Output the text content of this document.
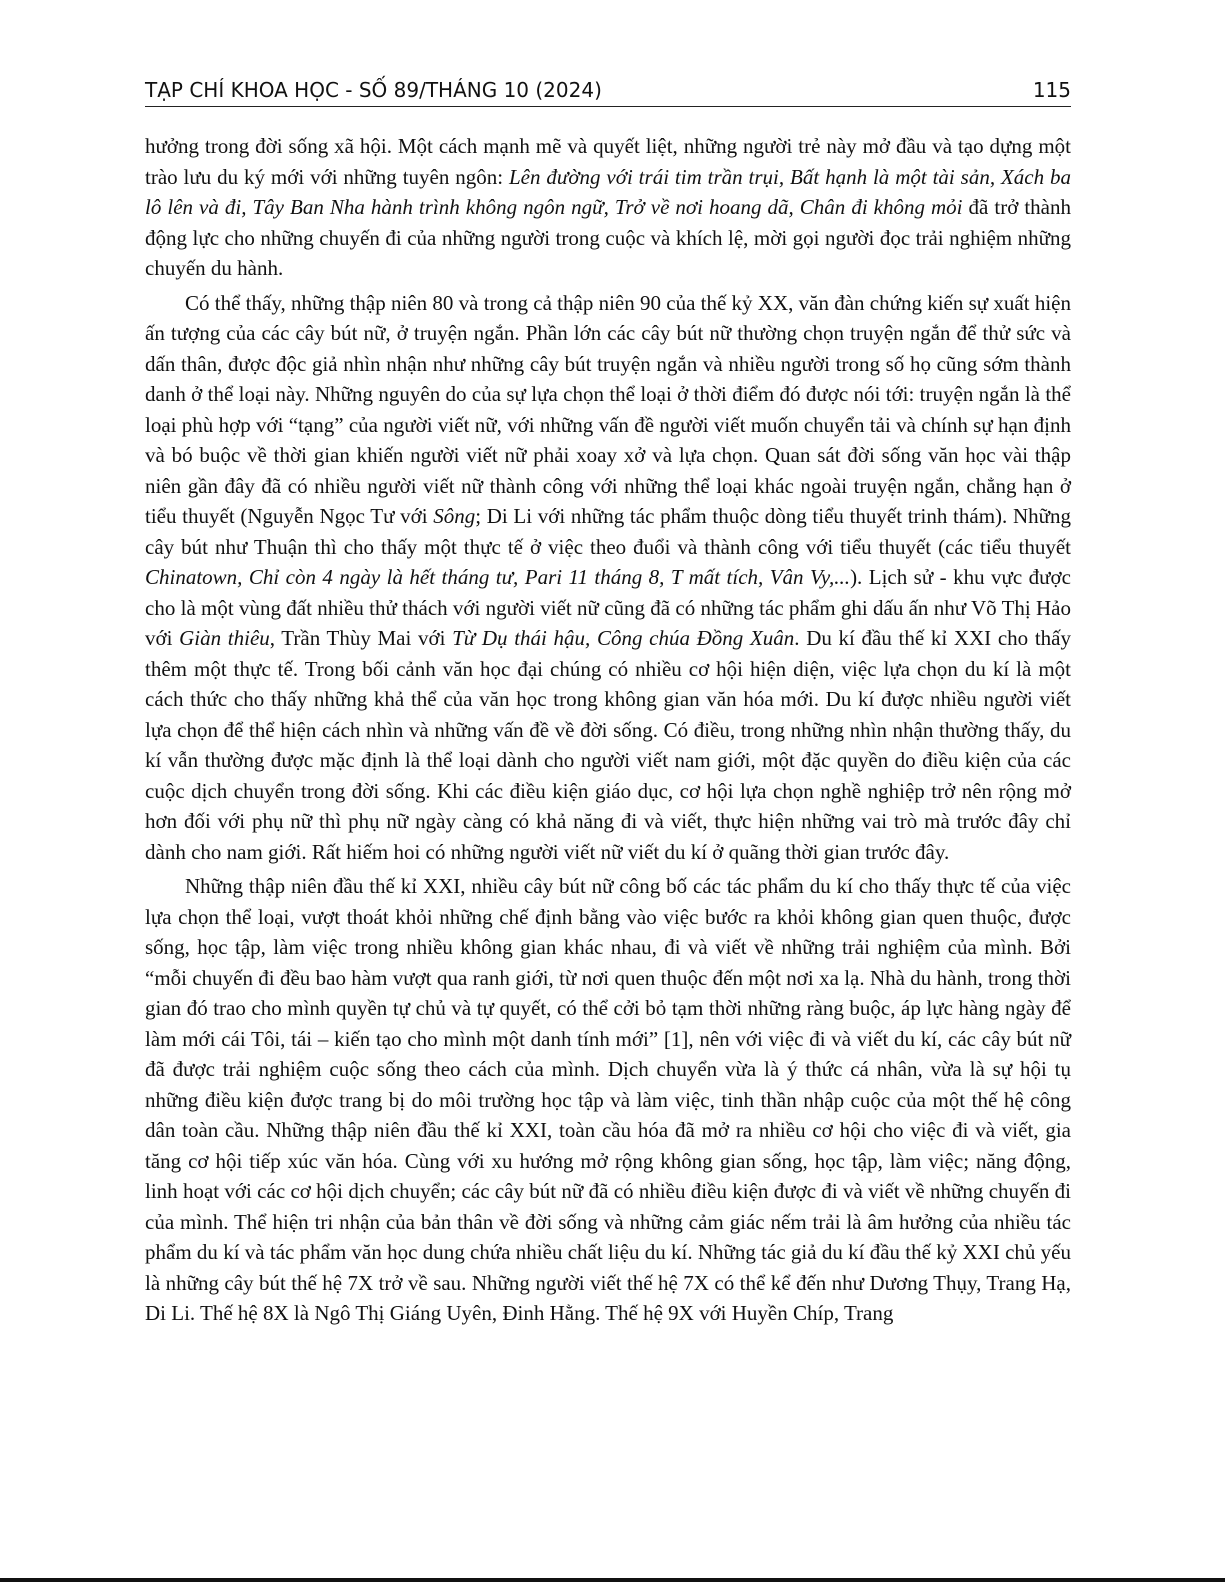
TẠP CHÍ KHOA HỌC - SỐ 89/THÁNG 10 (2024)	115

hưởng trong đời sống xã hội. Một cách mạnh mẽ và quyết liệt, những người trẻ này mở đầu và tạo dựng một trào lưu du ký mới với những tuyên ngôn: Lên đường với trái tim trần trụi, Bất hạnh là một tài sản, Xách ba lô lên và đi, Tây Ban Nha hành trình không ngôn ngữ, Trở về nơi hoang dã, Chân đi không mỏi đã trở thành động lực cho những chuyến đi của những người trong cuộc và khích lệ, mời gọi người đọc trải nghiệm những chuyến du hành.

Có thể thấy, những thập niên 80 và trong cả thập niên 90 của thế kỷ XX, văn đàn chứng kiến sự xuất hiện ấn tượng của các cây bút nữ, ở truyện ngắn. Phần lớn các cây bút nữ thường chọn truyện ngắn để thử sức và dấn thân, được độc giả nhìn nhận như những cây bút truyện ngắn và nhiều người trong số họ cũng sớm thành danh ở thể loại này. Những nguyên do của sự lựa chọn thể loại ở thời điểm đó được nói tới: truyện ngắn là thể loại phù hợp với “tạng” của người viết nữ, với những vấn đề người viết muốn chuyển tải và chính sự hạn định và bó buộc về thời gian khiến người viết nữ phải xoay xở và lựa chọn. Quan sát đời sống văn học vài thập niên gần đây đã có nhiều người viết nữ thành công với những thể loại khác ngoài truyện ngắn, chẳng hạn ở tiểu thuyết (Nguyễn Ngọc Tư với Sông; Di Li với những tác phẩm thuộc dòng tiểu thuyết trinh thám). Những cây bút như Thuận thì cho thấy một thực tế ở việc theo đuổi và thành công với tiểu thuyết (các tiểu thuyết Chinatown, Chỉ còn 4 ngày là hết tháng tư, Pari 11 tháng 8, T mất tích, Vân Vy,...). Lịch sử - khu vực được cho là một vùng đất nhiều thử thách với người viết nữ cũng đã có những tác phẩm ghi dấu ấn như Võ Thị Hảo với Giàn thiêu, Trần Thùy Mai với Từ Dụ thái hậu, Công chúa Đồng Xuân. Du kí đầu thế kỉ XXI cho thấy thêm một thực tế. Trong bối cảnh văn học đại chúng có nhiều cơ hội hiện diện, việc lựa chọn du kí là một cách thức cho thấy những khả thể của văn học trong không gian văn hóa mới. Du kí được nhiều người viết lựa chọn để thể hiện cách nhìn và những vấn đề về đời sống. Có điều, trong những nhìn nhận thường thấy, du kí vẫn thường được mặc định là thể loại dành cho người viết nam giới, một đặc quyền do điều kiện của các cuộc dịch chuyển trong đời sống. Khi các điều kiện giáo dục, cơ hội lựa chọn nghề nghiệp trở nên rộng mở hơn đối với phụ nữ thì phụ nữ ngày càng có khả năng đi và viết, thực hiện những vai trò mà trước đây chỉ dành cho nam giới. Rất hiếm hoi có những người viết nữ viết du kí ở quãng thời gian trước đây.

Những thập niên đầu thế kỉ XXI, nhiều cây bút nữ công bố các tác phẩm du kí cho thấy thực tế của việc lựa chọn thể loại, vượt thoát khỏi những chế định bằng vào việc bước ra khỏi không gian quen thuộc, được sống, học tập, làm việc trong nhiều không gian khác nhau, đi và viết về những trải nghiệm của mình. Bởi “mỗi chuyến đi đều bao hàm vượt qua ranh giới, từ nơi quen thuộc đến một nơi xa lạ. Nhà du hành, trong thời gian đó trao cho mình quyền tự chủ và tự quyết, có thể cởi bỏ tạm thời những ràng buộc, áp lực hàng ngày để làm mới cái Tôi, tái – kiến tạo cho mình một danh tính mới” [1], nên với việc đi và viết du kí, các cây bút nữ đã được trải nghiệm cuộc sống theo cách của mình. Dịch chuyển vừa là ý thức cá nhân, vừa là sự hội tụ những điều kiện được trang bị do môi trường học tập và làm việc, tinh thần nhập cuộc của một thế hệ công dân toàn cầu. Những thập niên đầu thế kỉ XXI, toàn cầu hóa đã mở ra nhiều cơ hội cho việc đi và viết, gia tăng cơ hội tiếp xúc văn hóa. Cùng với xu hướng mở rộng không gian sống, học tập, làm việc; năng động, linh hoạt với các cơ hội dịch chuyển; các cây bút nữ đã có nhiều điều kiện được đi và viết về những chuyến đi của mình. Thể hiện tri nhận của bản thân về đời sống và những cảm giác nếm trải là âm hưởng của nhiều tác phẩm du kí và tác phẩm văn học dung chứa nhiều chất liệu du kí. Những tác giả du kí đầu thế kỷ XXI chủ yếu là những cây bút thế hệ 7X trở về sau. Những người viết thế hệ 7X có thể kể đến như Dương Thụy, Trang Hạ, Di Li. Thế hệ 8X là Ngô Thị Giáng Uyên, Đinh Hằng. Thế hệ 9X với Huyền Chíp, Trang
